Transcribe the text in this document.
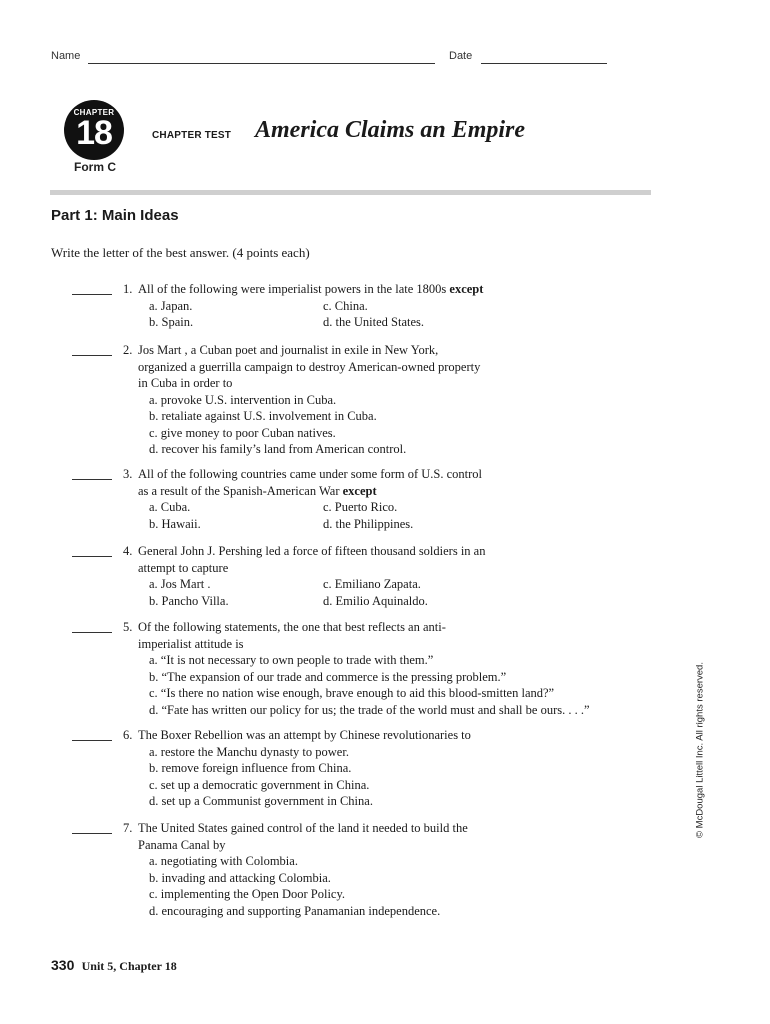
Name	Date
CHAPTER
18
Form C
CHAPTER TEST America Claims an Empire
Part 1: Main Ideas
Write the letter of the best answer. (4 points each)
1. All of the following were imperialist powers in the late 1800s except
a. Japan.	c. China.
b. Spain.	d. the United States.
2. Jos Mart , a Cuban poet and journalist in exile in New York,
organized a guerrilla campaign to destroy American-owned property
in Cuba in order to
a. provoke U.S. intervention in Cuba.
b. retaliate against U.S. involvement in Cuba.
c. give money to poor Cuban natives.
d. recover his family’s land from American control.
3. All of the following countries came under some form of U.S. control
as a result of the Spanish-American War except
a. Cuba.	c. Puerto Rico.
b. Hawaii.	d. the Philippines.
4. General John J. Pershing led a force of fifteen thousand soldiers in an
attempt to capture
a. Jos Mart .	c. Emiliano Zapata.
b. Pancho Villa.	d. Emilio Aquinaldo.
5. Of the following statements, the one that best reflects an anti-
imperialist attitude is
a. “It is not necessary to own people to trade with them.”
b. “The expansion of our trade and commerce is the pressing problem.”
c. “Is there no nation wise enough, brave enough to aid this blood-smitten land?”
d. “Fate has written our policy for us; the trade of the world must and shall be ours. . . .”
6. The Boxer Rebellion was an attempt by Chinese revolutionaries to
a. restore the Manchu dynasty to power.
b. remove foreign influence from China.
c. set up a democratic government in China.
d. set up a Communist government in China.
7. The United States gained control of the land it needed to build the
Panama Canal by
a. negotiating with Colombia.
b. invading and attacking Colombia.
c. implementing the Open Door Policy.
d. encouraging and supporting Panamanian independence.
330 Unit 5, Chapter 18
© McDougal Littell Inc. All rights reserved.
